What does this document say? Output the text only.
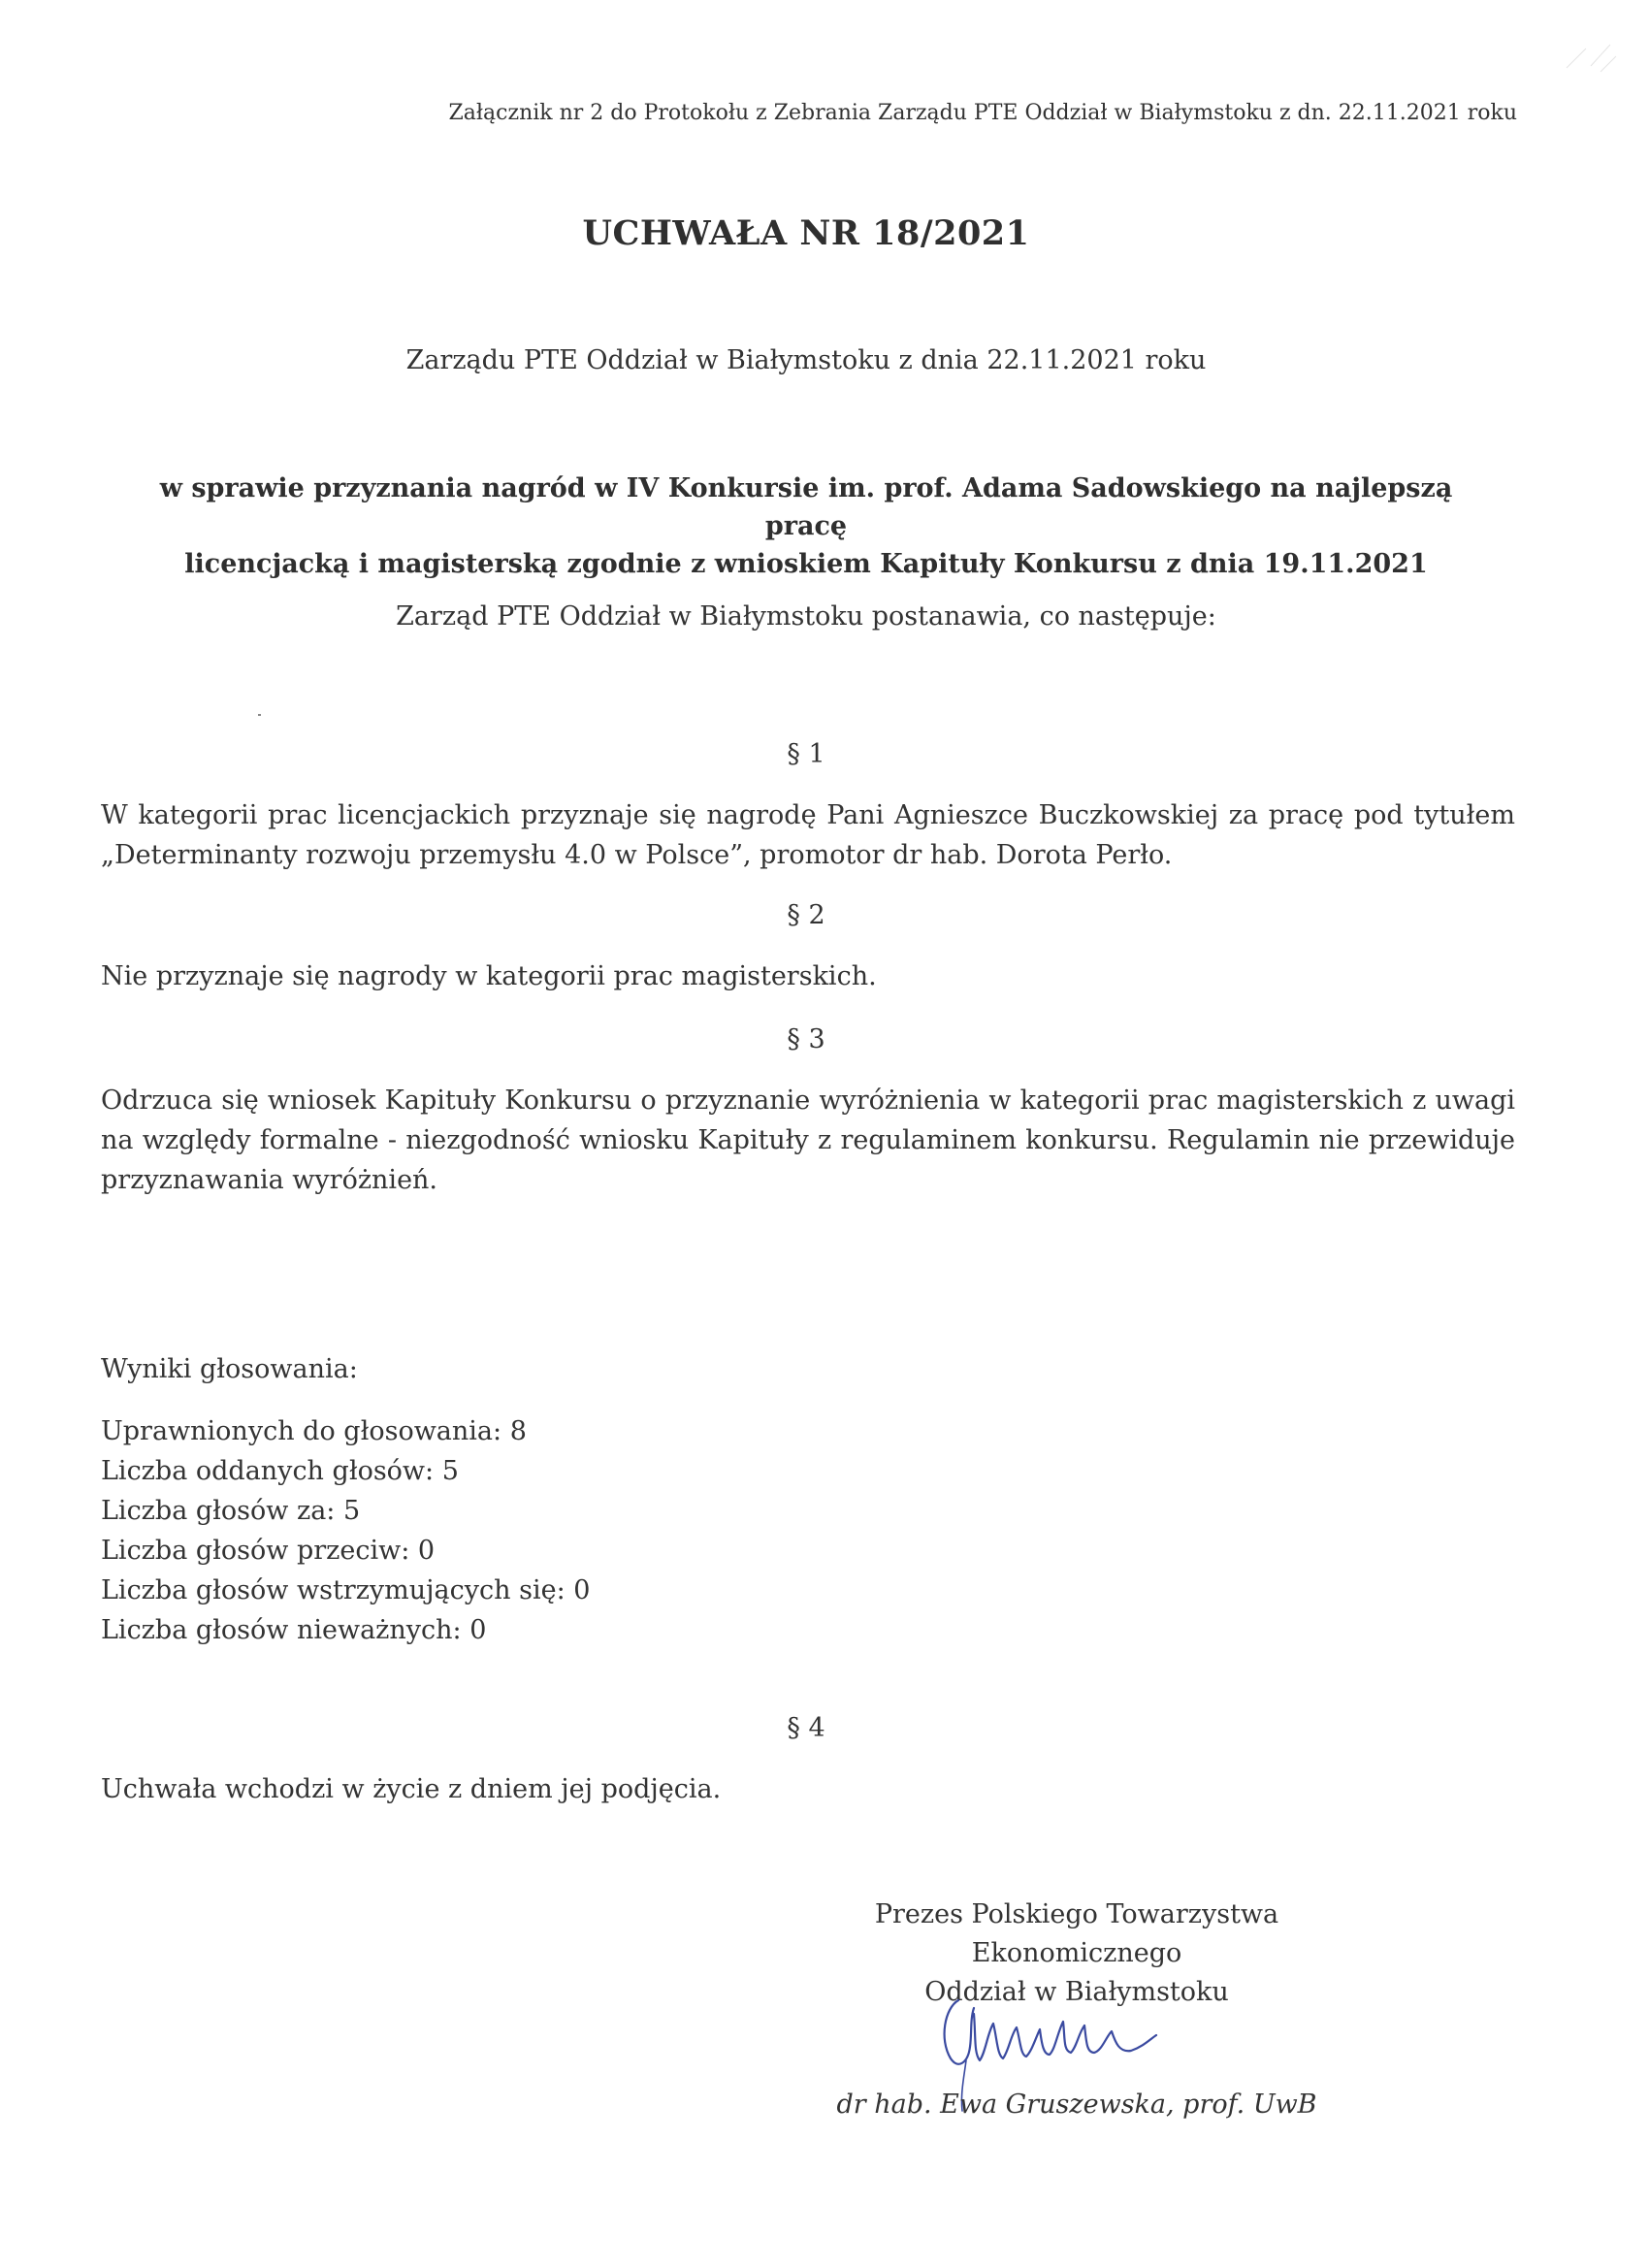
Załącznik nr 2 do Protokołu z Zebrania Zarządu PTE Oddział w Białymstoku z dn. 22.11.2021 roku
UCHWAŁA NR 18/2021
Zarządu PTE Oddział w Białymstoku z dnia 22.11.2021 roku
w sprawie przyznania nagród w IV Konkursie im. prof. Adama Sadowskiego na najlepszą pracę
licencjacką i magisterską zgodnie z wnioskiem Kapituły Konkursu z dnia 19.11.2021
Zarząd PTE Oddział w Białymstoku postanawia, co następuje:
§ 1
W kategorii prac licencjackich przyznaje się nagrodę Pani Agnieszce Buczkowskiej za pracę pod tytułem „Determinanty rozwoju przemysłu 4.0 w Polsce”, promotor dr hab. Dorota Perło.
§ 2
Nie przyznaje się nagrody w kategorii prac magisterskich.
§ 3
Odrzuca się wniosek Kapituły Konkursu o przyznanie wyróżnienia w kategorii prac magisterskich z uwagi na względy formalne - niezgodność wniosku Kapituły z regulaminem konkursu. Regulamin nie przewiduje przyznawania wyróżnień.
Wyniki głosowania:
Uprawnionych do głosowania: 8
Liczba oddanych głosów: 5
Liczba głosów za: 5
Liczba głosów przeciw: 0
Liczba głosów wstrzymujących się: 0
Liczba głosów nieważnych: 0
§ 4
Uchwała wchodzi w życie z dniem jej podjęcia.
Prezes Polskiego Towarzystwa Ekonomicznego
Oddział w Białymstoku
dr hab. Ewa Gruszewska, prof. UwB
